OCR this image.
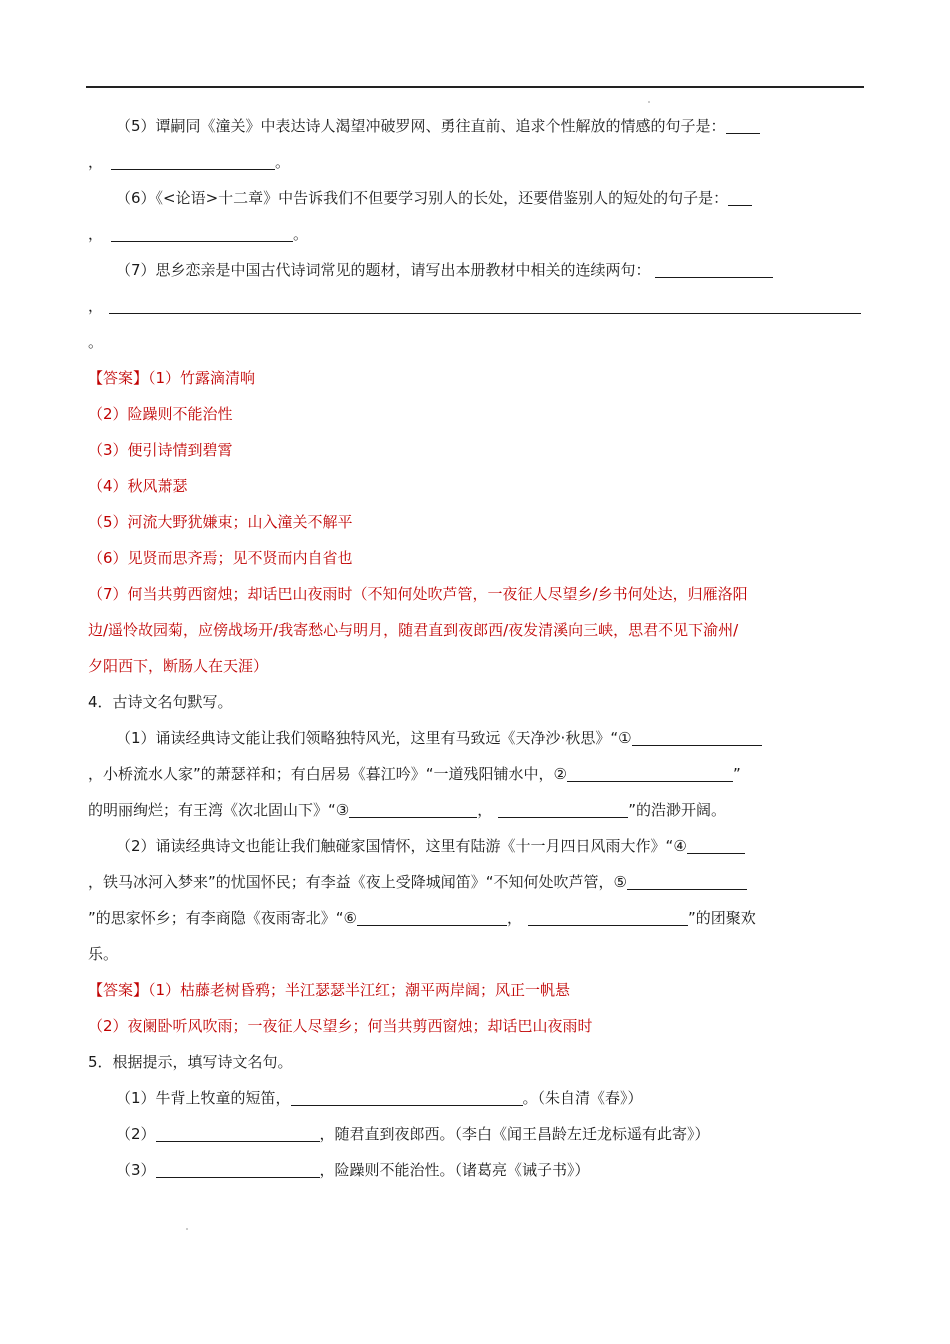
（5）谭嗣同《潼关》中表达诗人渴望冲破罗网、勇往直前、追求个性解放的情感的句子是：
，	。
（6）《<论语>十二章》中告诉我们不但要学习别人的长处，还要借鉴别人的短处的句子是：
，	。
（7）思乡恋亲是中国古代诗词常见的题材，请写出本册教材中相关的连续两句：
，
。
【答案】（1）竹露滴清响
（2）险躁则不能治性
（3）便引诗情到碧霄
（4）秋风萧瑟
（5）河流大野犹嫌束；山入潼关不解平
（6）见贤而思齐焉；见不贤而内自省也
（7）何当共剪西窗烛；却话巴山夜雨时（不知何处吹芦管，一夜征人尽望乡/乡书何处达，归雁洛阳
边/遥怜故园菊，应傍战场开/我寄愁心与明月，随君直到夜郎西/夜发清溪向三峡，思君不见下渝州/
夕阳西下，断肠人在天涯）
4．古诗文名句默写。
（1）诵读经典诗文能让我们领略独特风光，这里有马致远《天净沙·秋思》“①
，小桥流水人家”的萧瑟祥和；有白居易《暮江吟》“一道残阳铺水中，②	”
的明丽绚烂；有王湾《次北固山下》“③	，	”的浩渺开阔。
（2）诵读经典诗文也能让我们触碰家国情怀，这里有陆游《十一月四日风雨大作》“④
，铁马冰河入梦来”的忧国怀民；有李益《夜上受降城闻笛》“不知何处吹芦管，⑤
”的思家怀乡；有李商隐《夜雨寄北》“⑥	，	”的团聚欢
乐。
【答案】（1）枯藤老树昏鸦；半江瑟瑟半江红；潮平两岸阔；风正一帆悬
（2）夜阑卧听风吹雨；一夜征人尽望乡；何当共剪西窗烛；却话巴山夜雨时
5．根据提示，填写诗文名句。
（1）牛背上牧童的短笛，	。（朱自清《春》）
（2）	，随君直到夜郎西。（李白《闻王昌龄左迁龙标遥有此寄》）
（3）	，险躁则不能治性。（诸葛亮《诫子书》）
